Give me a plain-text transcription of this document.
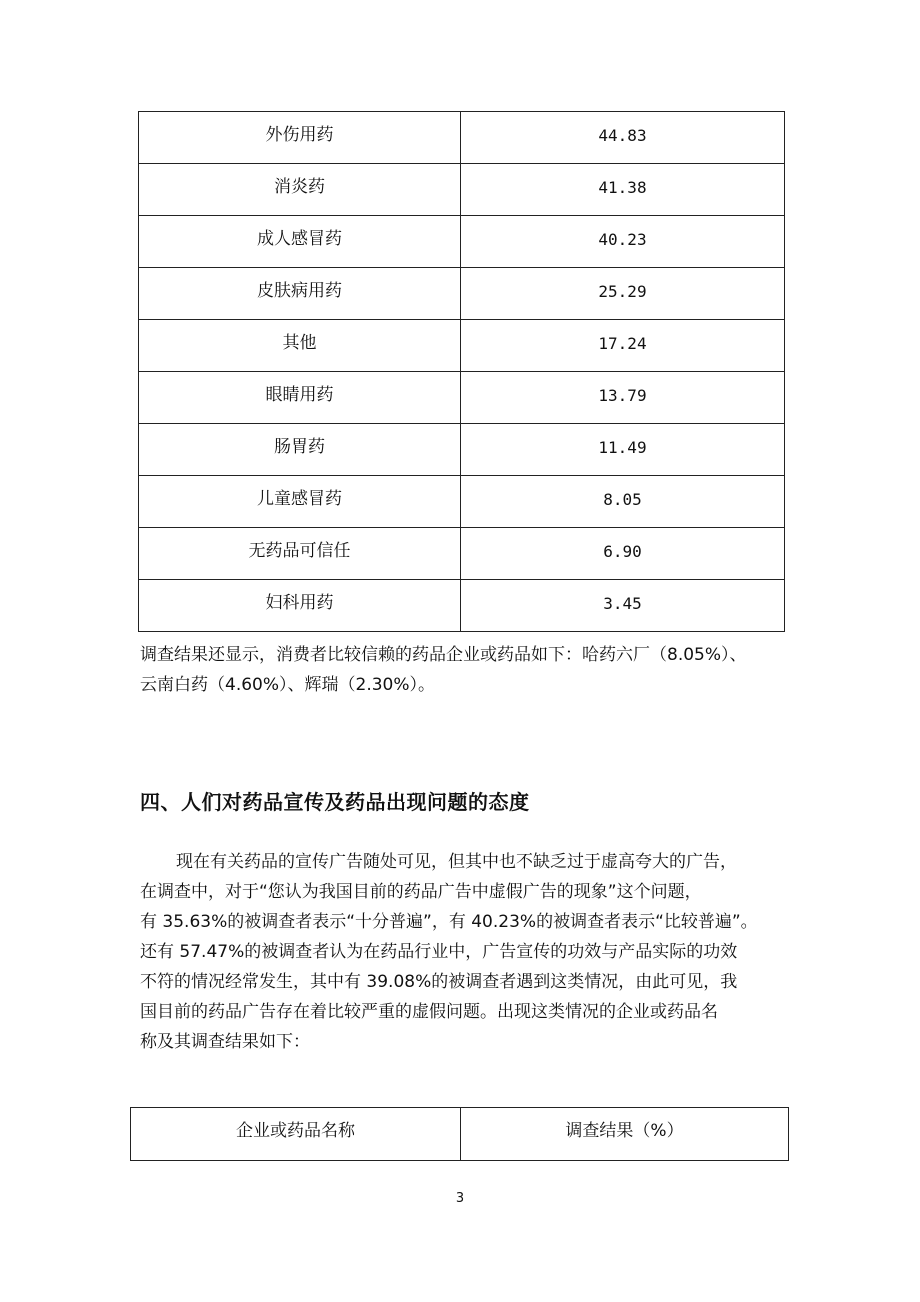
外伤用药	44.83
消炎药	41.38
成人感冒药	40.23
皮肤病用药	25.29
其他	17.24
眼睛用药	13.79
肠胃药	11.49
儿童感冒药	8.05
无药品可信任	6.90
妇科用药	3.45
调查结果还显示，消费者比较信赖的药品企业或药品如下：哈药六厂（8.05%）、
云南白药（4.60%）、辉瑞（2.30%）。
四、人们对药品宣传及药品出现问题的态度
现在有关药品的宣传广告随处可见，但其中也不缺乏过于虚高夸大的广告，
在调查中，对于“您认为我国目前的药品广告中虚假广告的现象”这个问题，
有 35.63%的被调查者表示“十分普遍”，有 40.23%的被调查者表示“比较普遍”。
还有 57.47%的被调查者认为在药品行业中，广告宣传的功效与产品实际的功效
不符的情况经常发生，其中有 39.08%的被调查者遇到这类情况，由此可见，我
国目前的药品广告存在着比较严重的虚假问题。出现这类情况的企业或药品名
称及其调查结果如下：
企业或药品名称	调查结果（%）
3
